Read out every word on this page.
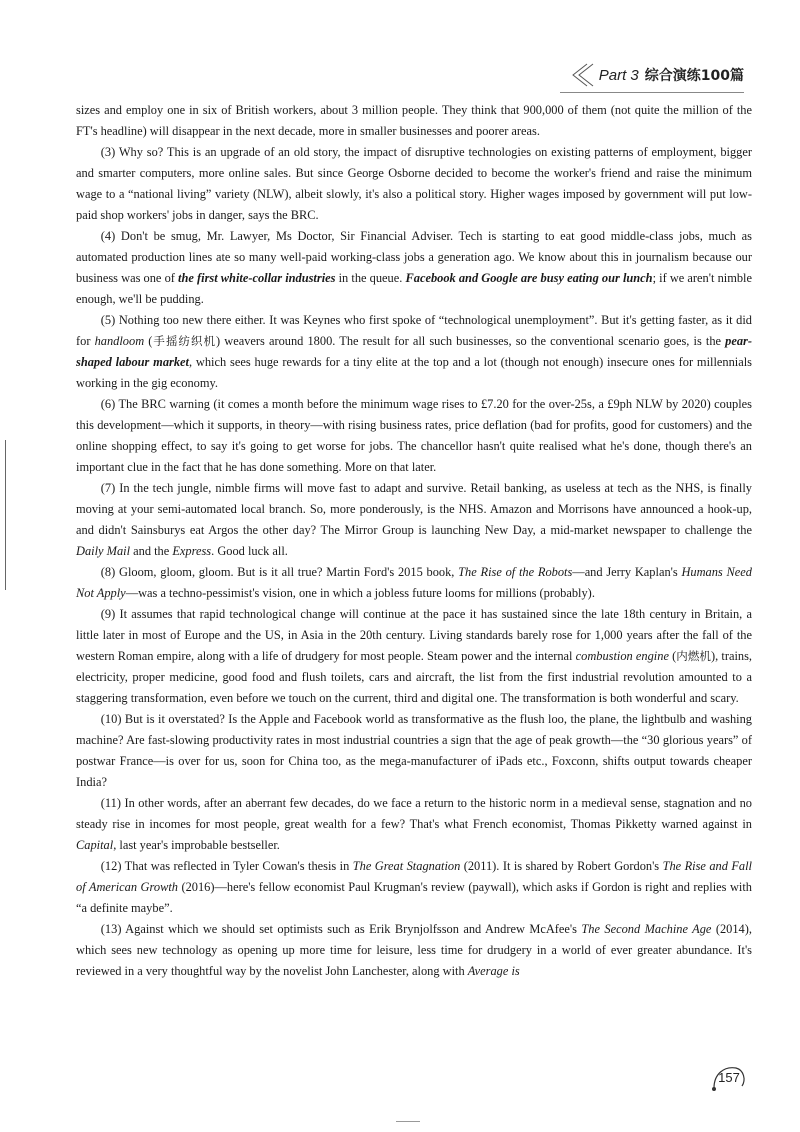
Part 3 综合演练100篇

sizes and employ one in six of British workers, about 3 million people. They think that 900,000 of them (not quite the million of the FT's headline) will disappear in the next decade, more in smaller businesses and poorer areas.

(3) Why so? This is an upgrade of an old story, the impact of disruptive technologies on existing patterns of employment, bigger and smarter computers, more online sales. But since George Osborne decided to become the worker's friend and raise the minimum wage to a “national living” variety (NLW), albeit slowly, it's also a political story. Higher wages imposed by government will put low-paid shop workers' jobs in danger, says the BRC.

(4) Don't be smug, Mr. Lawyer, Ms Doctor, Sir Financial Adviser. Tech is starting to eat good middle-class jobs, much as automated production lines ate so many well-paid working-class jobs a generation ago. We know about this in journalism because our business was one of the first white-collar industries in the queue. Facebook and Google are busy eating our lunch; if we aren't nimble enough, we'll be pudding.

(5) Nothing too new there either. It was Keynes who first spoke of “technological unemployment”. But it's getting faster, as it did for handloom (手摇纺织机) weavers around 1800. The result for all such businesses, so the conventional scenario goes, is the pear-shaped labour market, which sees huge rewards for a tiny elite at the top and a lot (though not enough) insecure ones for millennials working in the gig economy.

(6) The BRC warning (it comes a month before the minimum wage rises to £7.20 for the over-25s, a £9ph NLW by 2020) couples this development—which it supports, in theory—with rising business rates, price deflation (bad for profits, good for customers) and the online shopping effect, to say it's going to get worse for jobs. The chancellor hasn't quite realised what he's done, though there's an important clue in the fact that he has done something. More on that later.

(7) In the tech jungle, nimble firms will move fast to adapt and survive. Retail banking, as useless at tech as the NHS, is finally moving at your semi-automated local branch. So, more ponderously, is the NHS. Amazon and Morrisons have announced a hook-up, and didn't Sainsburys eat Argos the other day? The Mirror Group is launching New Day, a mid-market newspaper to challenge the Daily Mail and the Express. Good luck all.

(8) Gloom, gloom, gloom. But is it all true? Martin Ford's 2015 book, The Rise of the Robots—and Jerry Kaplan's Humans Need Not Apply—was a techno-pessimist's vision, one in which a jobless future looms for millions (probably).

(9) It assumes that rapid technological change will continue at the pace it has sustained since the late 18th century in Britain, a little later in most of Europe and the US, in Asia in the 20th century. Living standards barely rose for 1,000 years after the fall of the western Roman empire, along with a life of drudgery for most people. Steam power and the internal combustion engine (内燃机), trains, electricity, proper medicine, good food and flush toilets, cars and aircraft, the list from the first industrial revolution amounted to a staggering transformation, even before we touch on the current, third and digital one. The transformation is both wonderful and scary.

(10) But is it overstated? Is the Apple and Facebook world as transformative as the flush loo, the plane, the lightbulb and washing machine? Are fast-slowing productivity rates in most industrial countries a sign that the age of peak growth—the “30 glorious years” of postwar France—is over for us, soon for China too, as the mega-manufacturer of iPads etc., Foxconn, shifts output towards cheaper India?

(11) In other words, after an aberrant few decades, do we face a return to the historic norm in a medieval sense, stagnation and no steady rise in incomes for most people, great wealth for a few? That's what French economist, Thomas Pikketty warned against in Capital, last year's improbable bestseller.

(12) That was reflected in Tyler Cowan's thesis in The Great Stagnation (2011). It is shared by Robert Gordon's The Rise and Fall of American Growth (2016)—here's fellow economist Paul Krugman's review (paywall), which asks if Gordon is right and replies with “a definite maybe”.

(13) Against which we should set optimists such as Erik Brynjolfsson and Andrew McAfee's The Second Machine Age (2014), which sees new technology as opening up more time for leisure, less time for drudgery in a world of ever greater abundance. It's reviewed in a very thoughtful way by the novelist John Lanchester, along with Average is

157
